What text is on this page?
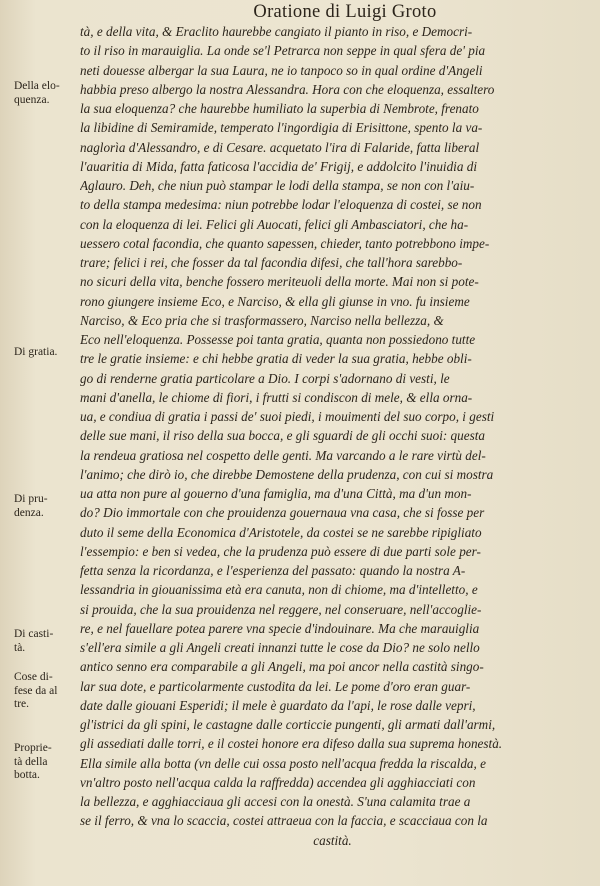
Oratione di Luigi Groto
Della elo-
quenza.
Di gratia.
Di pru-
denza.
Di casti-
tà.
Cose di-
fese da al
tre.
Proprie-
tà della
botta.
tà, e della vita, & Eraclito haurebbe cangiato il pianto in riso, e Democri-
to il riso in marauiglia. La onde se'l Petrarca non seppe in qual sfera de' pia
neti douesse albergar la sua Laura, ne io tanpoco so in qual ordine d'Angeli
habbia preso albergo la nostra Alessandra. Hora con che eloquenza, essaltero
la sua eloquenza? che haurebbe humiliato la superbia di Nembrote, frenato
la libidine di Semiramide, temperato l'ingordigia di Erisittone, spento la va-
naglorìa d'Alessandro, e di Cesare. acquetato l'ira di Falaride, fatta liberal
l'auaritia di Mida, fatta faticosa l'accidia de' Frigij, e addolcito l'inuidia di
Aglauro. Deh, che niun può stampar le lodi della stampa, se non con l'aiu-
to della stampa medesima: niun potrebbe lodar l'eloquenza di costei, se non
con la eloquenza di lei. Felici gli Auocati, felici gli Ambasciatori, che ha-
uessero cotal facondia, che quanto sapessen, chieder, tanto potrebbono impe-
trare; felici i rei, che fosser da tal facondia difesi, che tall'hora sarebbo-
no sicuri della vita, benche fossero meriteuoli della morte. Mai non si pote-
rono giungere insieme Eco, e Narciso, & ella gli giunse in vno. fu insieme
Narciso, & Eco pria che si trasformassero, Narciso nella bellezza, &
Eco nell'eloquenza. Possesse poi tanta gratia, quanta non possiedono tutte
tre le gratie insieme: e chi hebbe gratia di veder la sua gratia, hebbe obli-
go di renderne gratia particolare a Dio. I corpi s'adornano di vesti, le
mani d'anella, le chiome di fiori, i frutti si condiscon di mele, & ella orna-
ua, e condiua di gratia i passi de' suoi piedi, i mouimenti del suo corpo, i gesti
delle sue mani, il riso della sua bocca, e gli sguardi de gli occhi suoi: questa
la rendeua gratiosa nel cospetto delle genti. Ma varcando a le rare virtù del-
l'animo; che dirò io, che direbbe Demostene della prudenza, con cui si mostra
ua atta non pure al gouerno d'una famiglia, ma d'una Città, ma d'un mon-
do? Dio immortale con che prouidenza gouernaua vna casa, che si fosse per
duto il seme della Economica d'Aristotele, da costei se ne sarebbe ripigliato
l'essempio: e ben si vedea, che la prudenza può essere di due parti sole per-
fetta senza la ricordanza, e l'esperienza del passato: quando la nostra A-
lessandria in giouanissima età era canuta, non di chiome, ma d'intelletto, e
si prouida, che la sua prouidenza nel reggere, nel conseruare, nell'accoglie-
re, e nel fauellare potea parere vna specie d'indouinare. Ma che marauiglia
s'ell'era simile a gli Angeli creati innanzi tutte le cose da Dio? ne solo nello
antico senno era comparabile a gli Angeli, ma poi ancor nella castità singo-
lar sua dote, e particolarmente custodita da lei. Le pome d'oro eran guar-
date dalle giouani Esperidi; il mele è guardato da l'api, le rose dalle vepri,
gl'istrici da gli spini, le castagne dalle corticcie pungenti, gli armati dall'armi,
gli assediati dalle torri, e il costei honore era difeso dalla sua suprema honestà.
Ella simile alla botta (vn delle cui ossa posto nell'acqua fredda la riscalda, e
vn'altro posto nell'acqua calda la raffredda) accendea gli agghiacciati con
la bellezza, e agghiacciaua gli accesi con la onestà. S'una calamita trae a
se il ferro, & vna lo scaccia, costei attraeua con la faccia, e scacciaua con la
castità.
